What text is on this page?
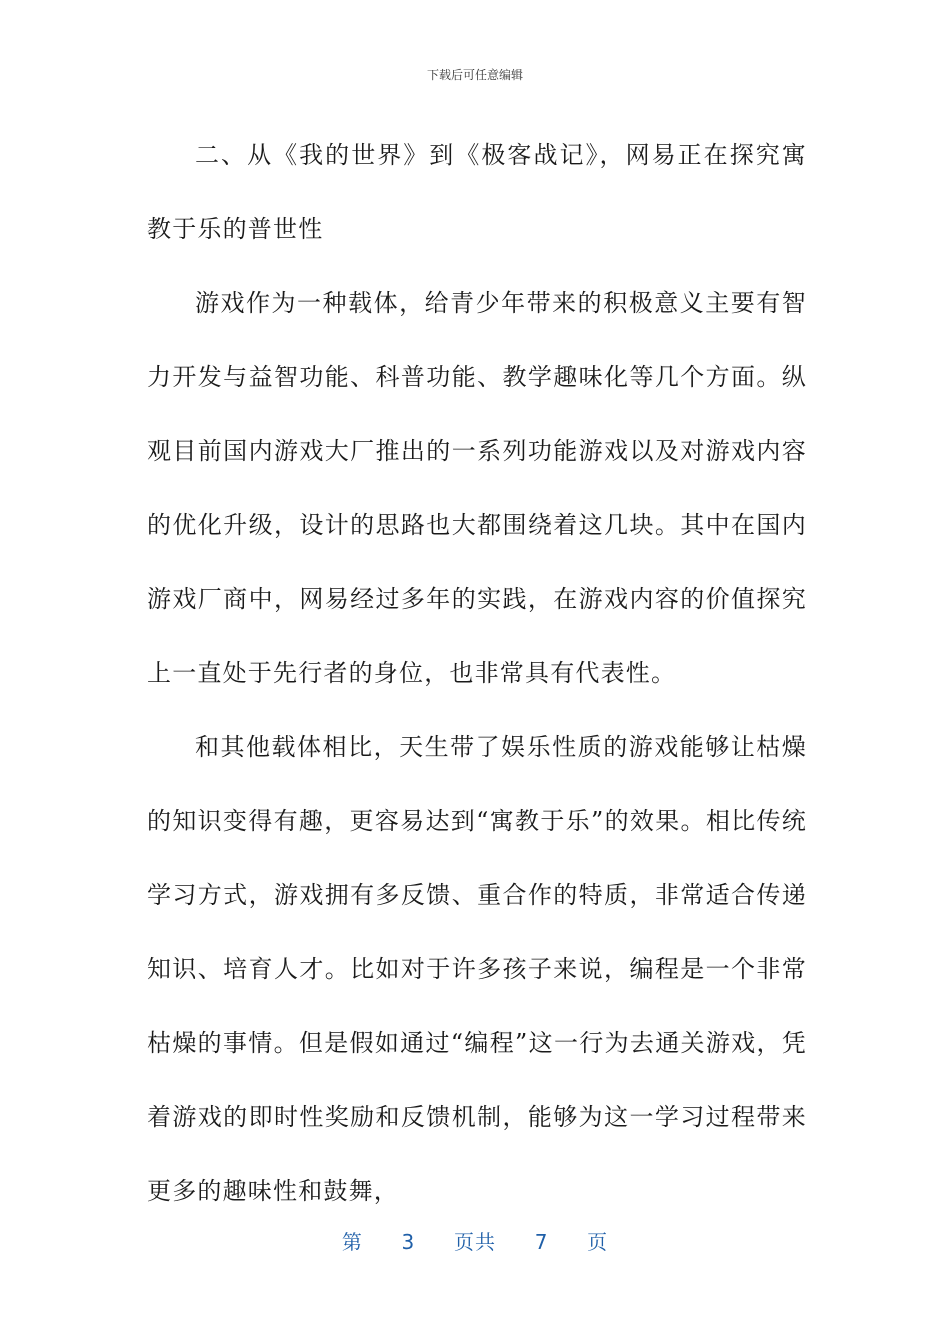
下载后可任意编辑

二、从《我的世界》到《极客战记》，网易正在探究寓教于乐的普世性

游戏作为一种载体，给青少年带来的积极意义主要有智力开发与益智功能、科普功能、教学趣味化等几个方面。纵观目前国内游戏大厂推出的一系列功能游戏以及对游戏内容的优化升级，设计的思路也大都围绕着这几块。其中在国内游戏厂商中，网易经过多年的实践，在游戏内容的价值探究上一直处于先行者的身位，也非常具有代表性。

和其他载体相比，天生带了娱乐性质的游戏能够让枯燥的知识变得有趣，更容易达到“寓教于乐”的效果。相比传统学习方式，游戏拥有多反馈、重合作的特质，非常适合传递知识、培育人才。比如对于许多孩子来说，编程是一个非常枯燥的事情。但是假如通过“编程”这一行为去通关游戏，凭着游戏的即时性奖励和反馈机制，能够为这一学习过程带来更多的趣味性和鼓舞，

第 3 页共 7 页
